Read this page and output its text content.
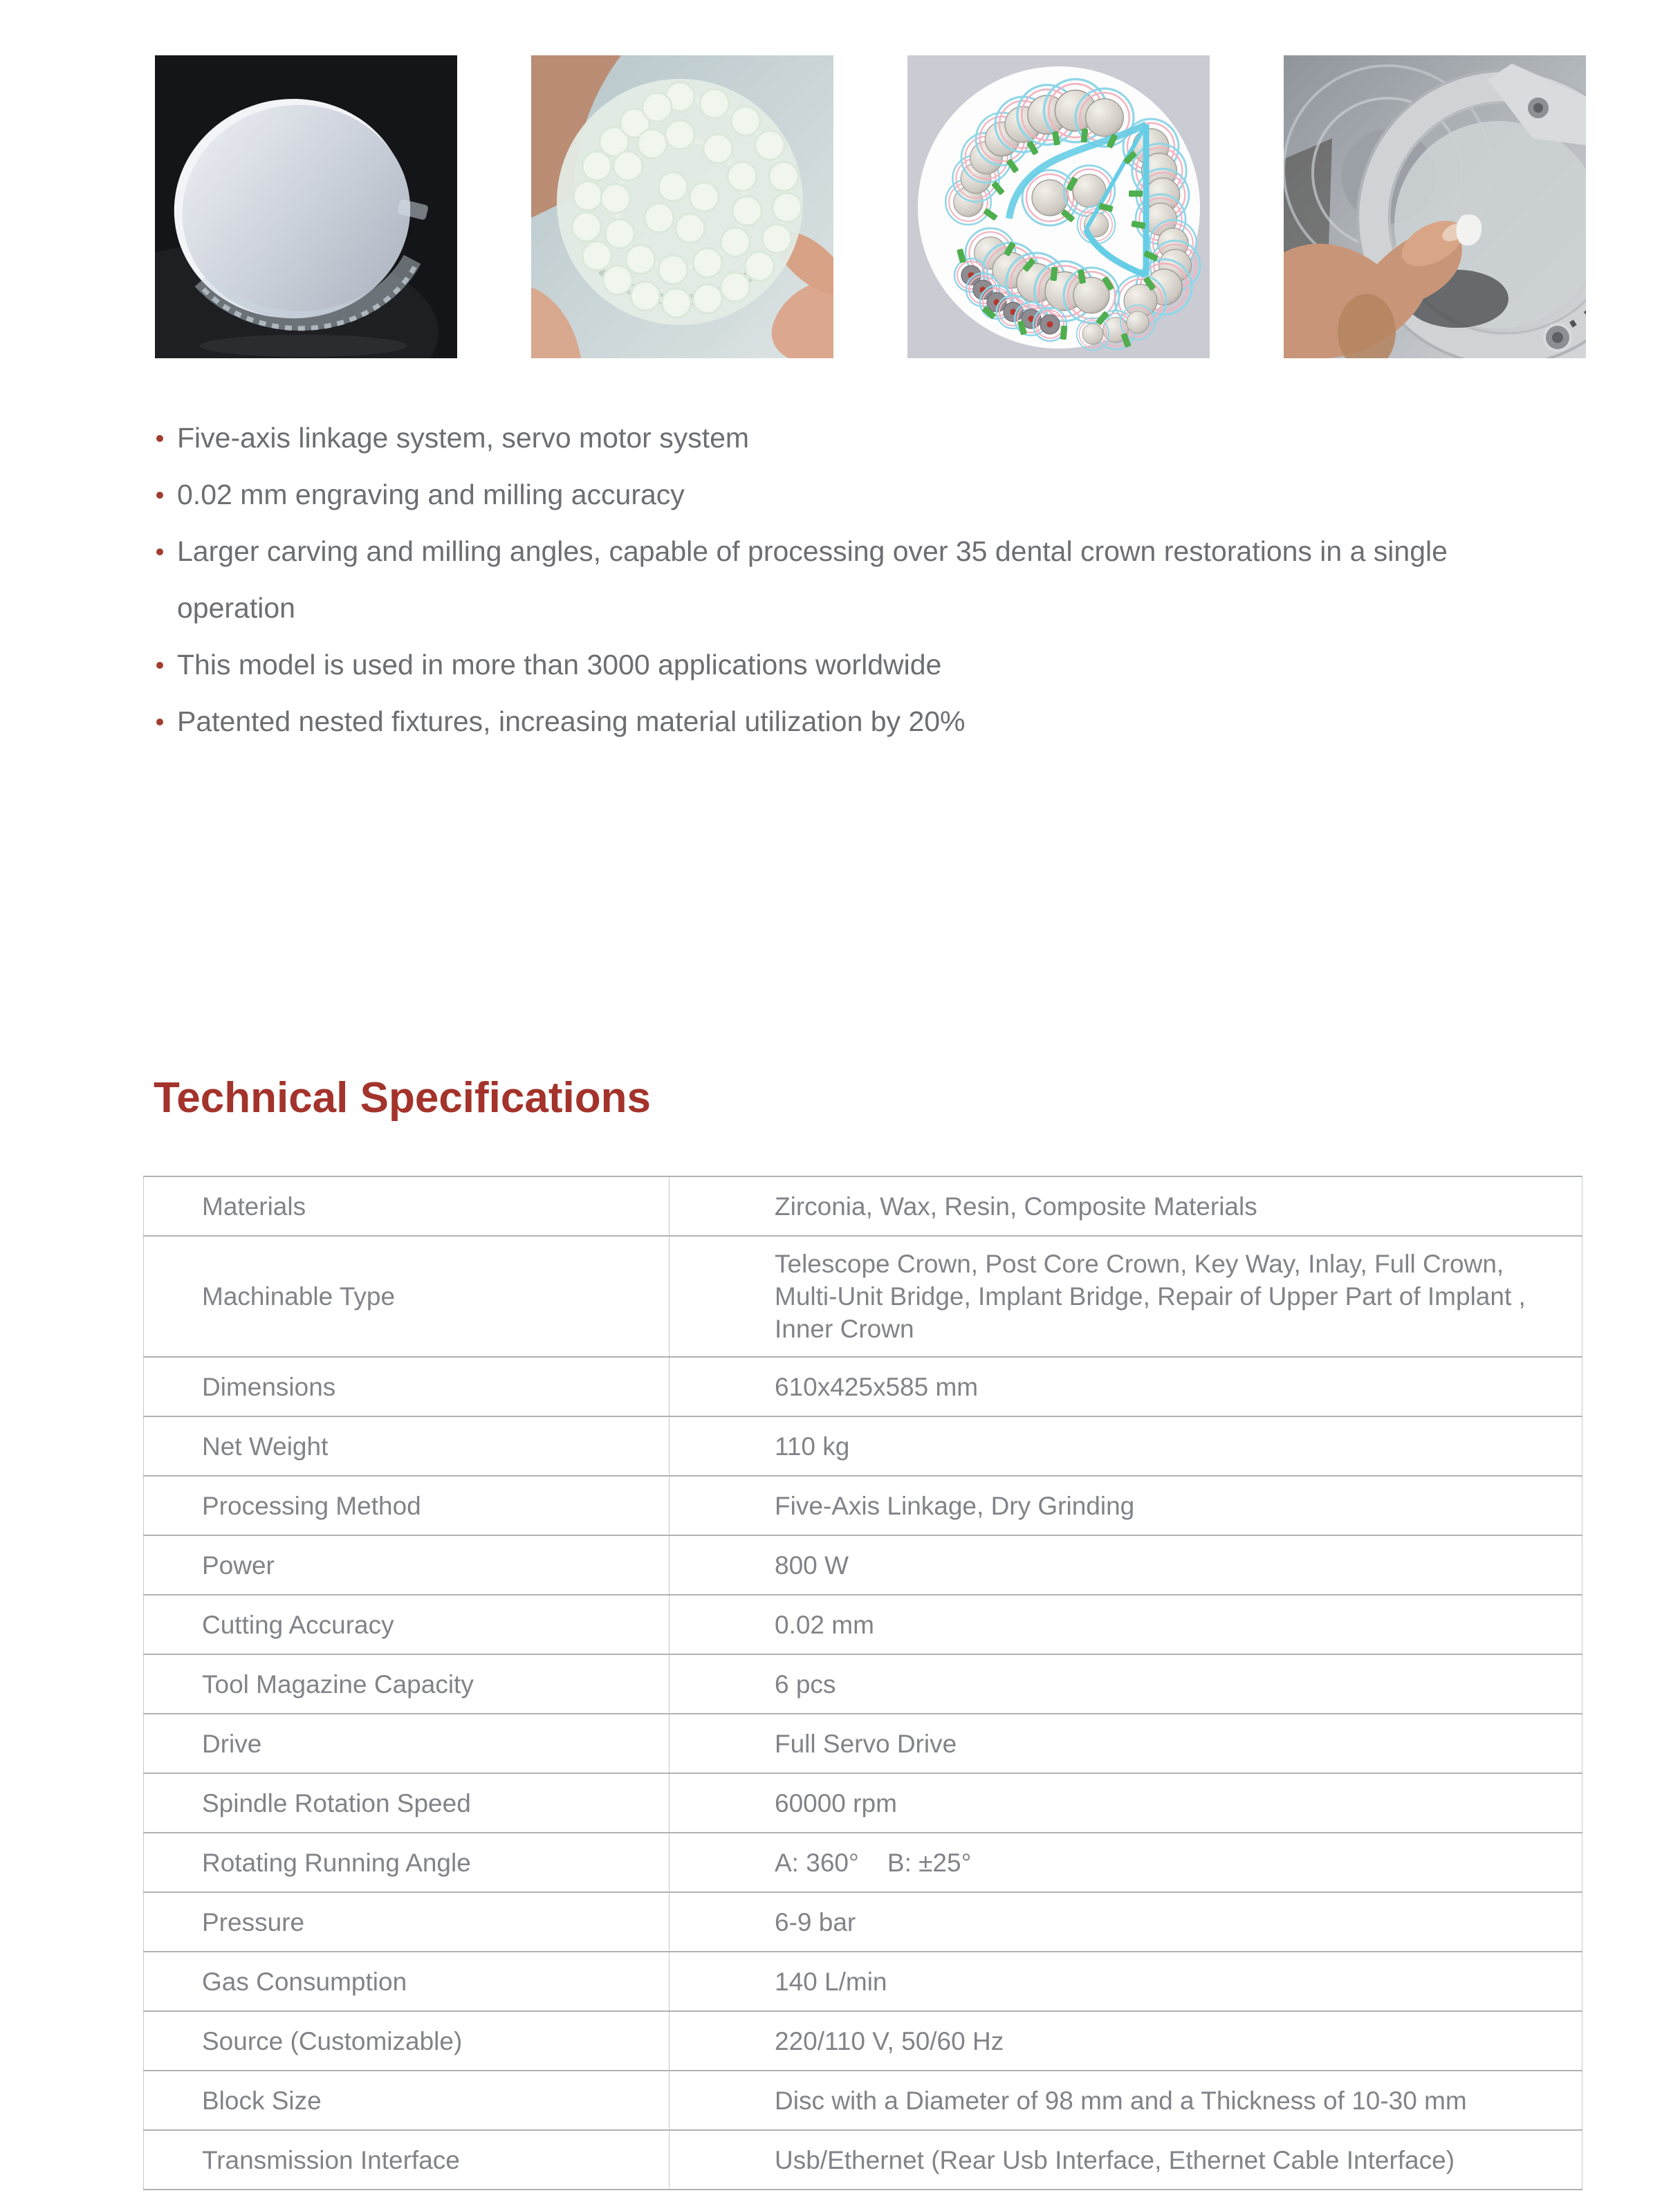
Five-axis linkage system, servo motor system
0.02 mm engraving and milling accuracy
Larger carving and milling angles, capable of processing over 35 dental crown restorations in a single operation
This model is used in more than 3000 applications worldwide
Patented nested fixtures, increasing material utilization by 20%
Technical Specifications
Materials	Zirconia, Wax, Resin, Composite Materials
Machinable Type	Telescope Crown, Post Core Crown, Key Way, Inlay, Full Crown, Multi-Unit Bridge, Implant Bridge, Repair of Upper Part of Implant , Inner Crown
Dimensions	610x425x585 mm
Net Weight	110 kg
Processing Method	Five-Axis Linkage, Dry Grinding
Power	800 W
Cutting Accuracy	0.02 mm
Tool Magazine Capacity	6 pcs
Drive	Full Servo Drive
Spindle Rotation Speed	60000 rpm
Rotating Running Angle	A: 360°    B: ±25°
Pressure	6-9 bar
Gas Consumption	140 L/min
Source (Customizable)	220/110 V, 50/60 Hz
Block Size	Disc with a Diameter of 98 mm and a Thickness of 10-30 mm
Transmission Interface	Usb/Ethernet (Rear Usb Interface, Ethernet Cable Interface)
